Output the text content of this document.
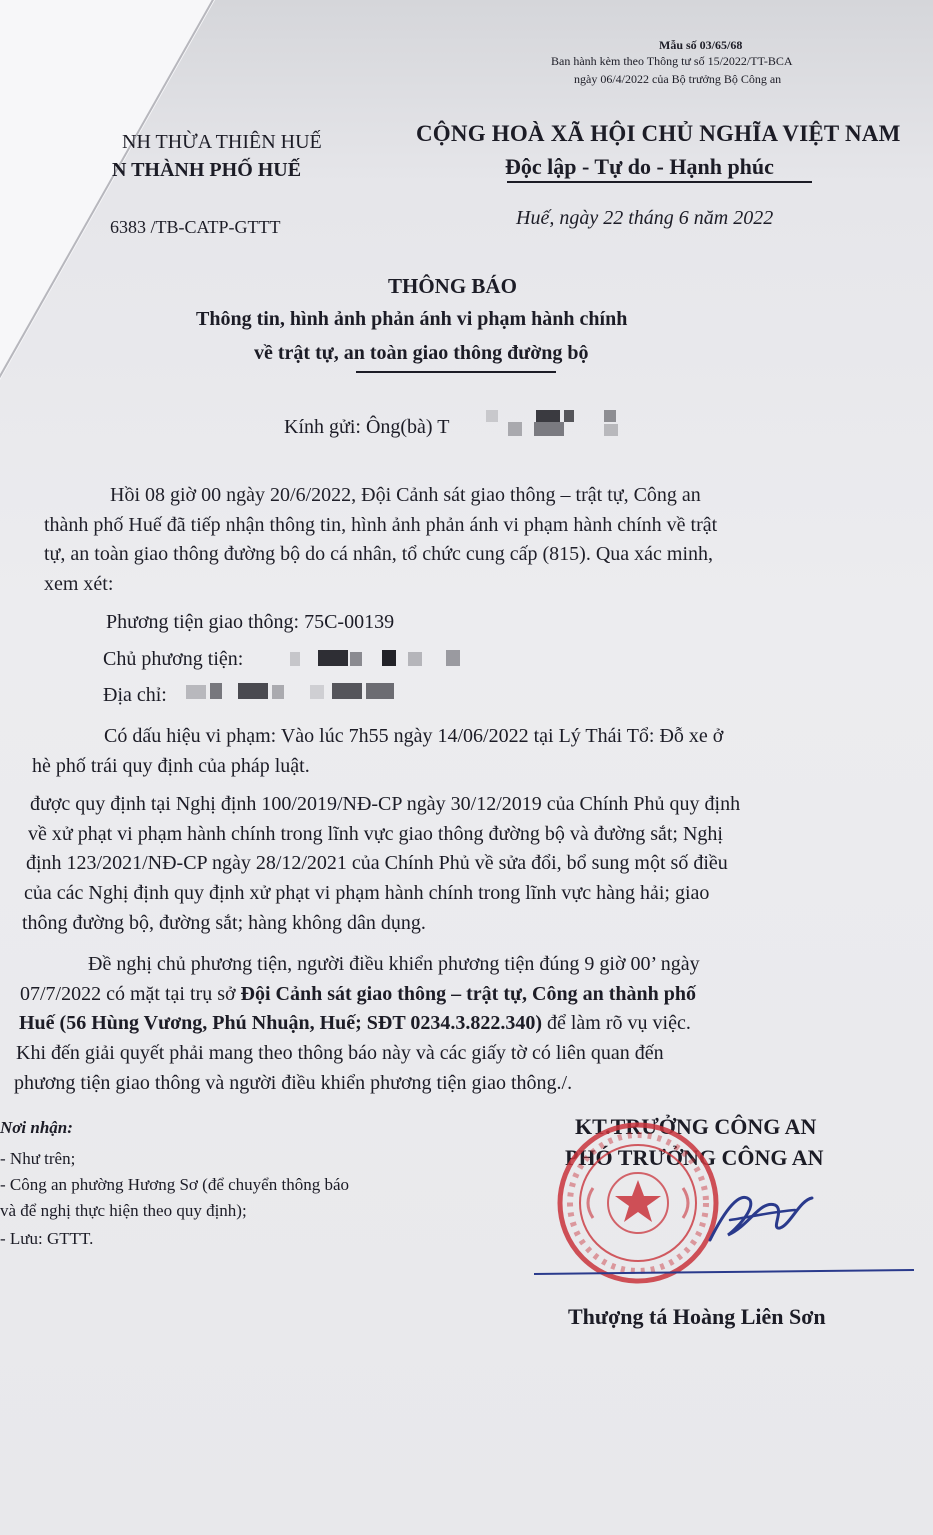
Mẫu số 03/65/68
Ban hành kèm theo Thông tư số 15/2022/TT-BCA
ngày 06/4/2022 của Bộ trưởng Bộ Công an
NH THỪA THIÊN HUẾ
N THÀNH PHỐ HUẾ
CỘNG HOÀ XÃ HỘI CHỦ NGHĨA VIỆT NAM
Độc lập - Tự do - Hạnh phúc
6383 /TB-CATP-GTTT	Huế, ngày 22 tháng 6 năm 2022
THÔNG BÁO
Thông tin, hình ảnh phản ánh vi phạm hành chính
về trật tự, an toàn giao thông đường bộ
Kính gửi: Ông(bà) T
Hồi 08 giờ 00 ngày 20/6/2022, Đội Cảnh sát giao thông – trật tự, Công an
thành phố Huế đã tiếp nhận thông tin, hình ảnh phản ánh vi phạm hành chính về trật
tự, an toàn giao thông đường bộ do cá nhân, tổ chức cung cấp (815). Qua xác minh,
xem xét:
Phương tiện giao thông: 75C-00139
Chủ phương tiện:
Địa chỉ:
Có dấu hiệu vi phạm: Vào lúc 7h55 ngày 14/06/2022 tại Lý Thái Tổ: Đỗ xe ở
hè phố trái quy định của pháp luật.
được quy định tại Nghị định 100/2019/NĐ-CP ngày 30/12/2019 của Chính Phủ quy định
về xử phạt vi phạm hành chính trong lĩnh vực giao thông đường bộ và đường sắt; Nghị
định 123/2021/NĐ-CP ngày 28/12/2021 của Chính Phủ về sửa đổi, bổ sung một số điều
của các Nghị định quy định xử phạt vi phạm hành chính trong lĩnh vực hàng hải; giao
thông đường bộ, đường sắt; hàng không dân dụng.
Đề nghị chủ phương tiện, người điều khiển phương tiện đúng 9 giờ 00’ ngày
07/7/2022 có mặt tại trụ sở Đội Cảnh sát giao thông – trật tự, Công an thành phố
Huế (56 Hùng Vương, Phú Nhuận, Huế; SĐT 0234.3.822.340) để làm rõ vụ việc.
Khi đến giải quyết phải mang theo thông báo này và các giấy tờ có liên quan đến
phương tiện giao thông và người điều khiển phương tiện giao thông./.
Nơi nhận:
- Như trên;
- Công an phường Hương Sơ (để chuyển thông báo
và để nghị thực hiện theo quy định);
- Lưu: GTTT.
KT.TRƯỞNG CÔNG AN
PHÓ TRƯỞNG CÔNG AN
Thượng tá Hoàng Liên Sơn
